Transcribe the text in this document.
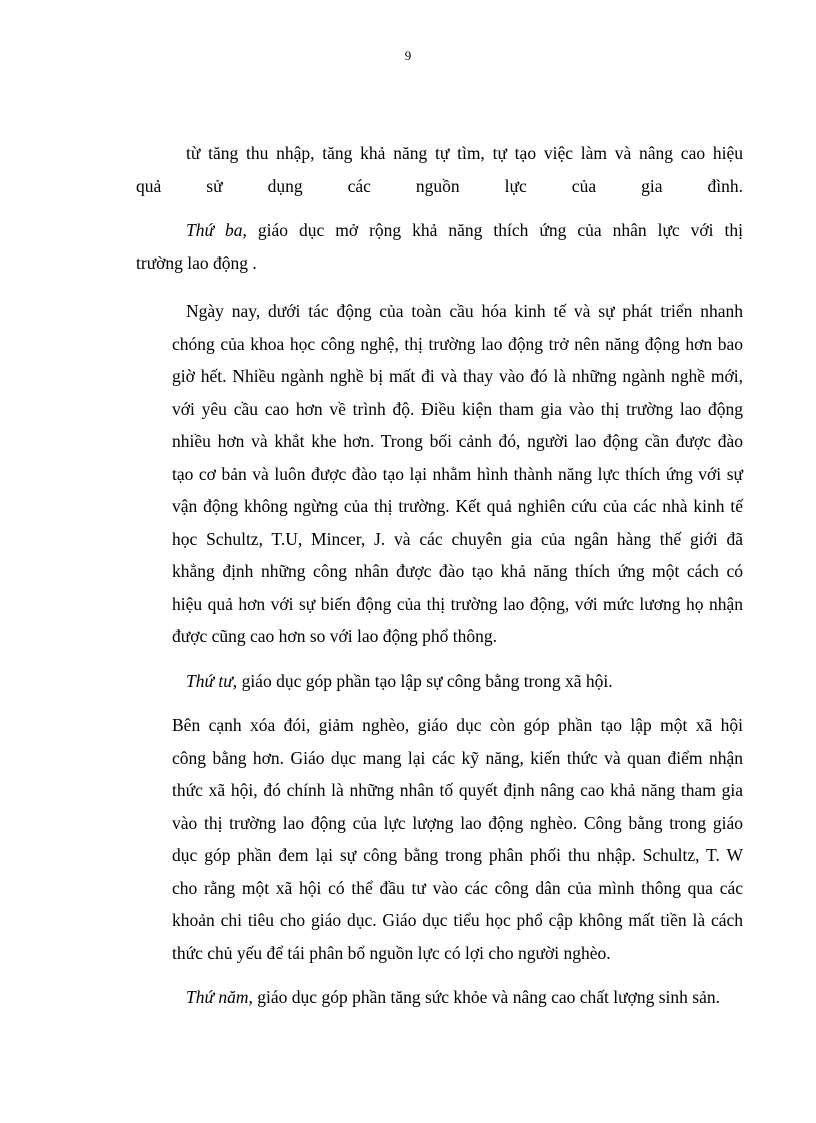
9
từ tăng thu nhập, tăng khả năng tự tìm, tự tạo việc làm và nâng cao hiệu
quả sử dụng các nguồn lực của gia đình.
Thứ ba, giáo dục mở rộng khả năng thích ứng của nhân lực với thị
trường lao động .
Ngày nay, dưới tác động của toàn cầu hóa kinh tế và sự phát triển nhanh
chóng của khoa học công nghệ, thị trường lao động trở nên năng động hơn bao
giờ hết. Nhiều ngành nghề bị mất đi và thay vào đó là những ngành nghề mới,
với yêu cầu cao hơn về trình độ. Điều kiện tham gia vào thị trường lao động
nhiều hơn và khắt khe hơn. Trong bối cảnh đó, người lao động cần được đào
tạo cơ bản và luôn được đào tạo lại nhằm hình thành năng lực thích ứng với sự
vận động không ngừng của thị trường. Kết quả nghiên cứu của các nhà kinh tế
học Schultz, T.U, Mincer, J. và các chuyên gia của ngân hàng thế giới đã
khẳng định những công nhân được đào tạo khả năng thích ứng một cách có
hiệu quả hơn với sự biến động của thị trường lao động, với mức lương họ nhận
được cũng cao hơn so với lao động phổ thông.
Thứ tư, giáo dục góp phần tạo lập sự công bằng trong xã hội.
Bên cạnh xóa đói, giảm nghèo, giáo dục còn góp phần tạo lập một xã hội
công bằng hơn. Giáo dục mang lại các kỹ năng, kiến thức và quan điểm nhận
thức xã hội, đó chính là những nhân tố quyết định nâng cao khả năng tham gia
vào thị trường lao động của lực lượng lao động nghèo. Công bằng trong giáo
dục góp phần đem lại sự công bằng trong phân phối thu nhập. Schultz, T. W
cho rằng một xã hội có thể đầu tư vào các công dân của mình thông qua các
khoản chi tiêu cho giáo dục. Giáo dục tiểu học phổ cập không mất tiền là cách
thức chủ yếu để tái phân bổ nguồn lực có lợi cho người nghèo.
Thứ năm, giáo dục góp phần tăng sức khỏe và nâng cao chất lượng sinh sản.
